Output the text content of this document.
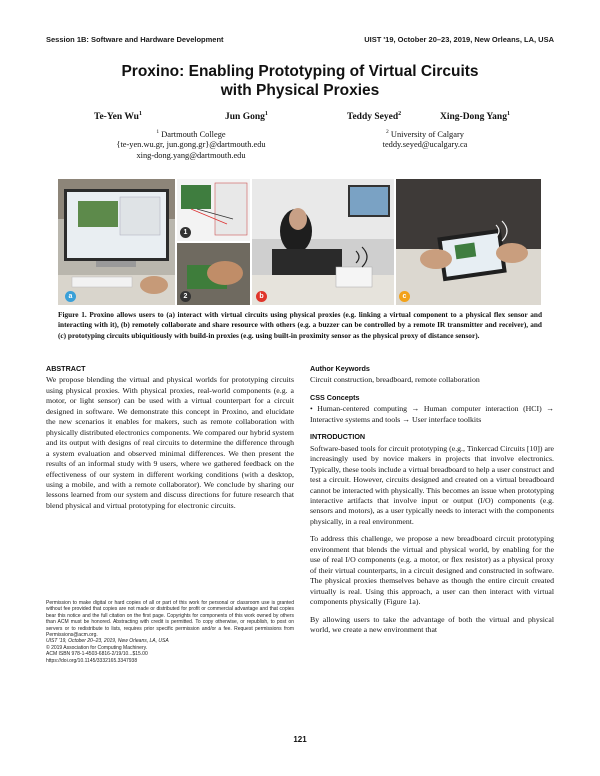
Session 1B: Software and Hardware Development	UIST '19, October 20–23, 2019, New Orleans, LA, USA
Proxino: Enabling Prototyping of Virtual Circuits
with Physical Proxies
Te-Yen Wu$^1$	Jun Gong$^1$	Teddy Seyed$^2$	Xing-Dong Yang$^1$
$^1$ Dartmouth College
{te-yen.wu.gr, jun.gong.gr}@dartmouth.edu
xing-dong.yang@dartmouth.edu
$^2$ University of Calgary
teddy.seyed@ucalgary.ca
a
1
2	b	c
Figure 1. Proxino allows users to (a) interact with virtual circuits using physical proxies (e.g. linking a virtual component to a physical flex sensor and interacting with it), (b) remotely collaborate and share resource with others (e.g. a buzzer can be controlled by a remote IR transmitter and receiver), and (c) prototyping circuits ubiquitiously with build-in proxies (e.g. using built-in proximity sensor as the physical proxy of distance sensor).
ABSTRACT

We propose blending the virtual and physical worlds for prototyping circuits using physical proxies. With physical proxies, real-world components (e.g. a motor, or light sensor) can be used with a virtual counterpart for a circuit designed in software. We demonstrate this concept in Proxino, and elucidate the new scenarios it enables for makers, such as remote collaboration with physically distributed electronics components. We compared our hybrid system and its output with designs of real circuits to determine the difference through a system evaluation and observed minimal differences. We then present the results of an informal study with 9 users, where we gathered feedback on the effectiveness of our system in different working conditions (with a desktop, using a mobile, and with a remote collaborator). We conclude by sharing our lessons learned from our system and discuss directions for future research that blend physical and virtual prototyping for electronic circuits.

Permission to make digital or hard copies of all or part of this work for personal or classroom use is granted without fee provided that copies are not made or distributed for profit or commercial advantage and that copies bear this notice and the full citation on the first page. Copyrights for components of this work owned by others than ACM must be honored. Abstracting with credit is permitted. To copy otherwise, or republish, to post on servers or to redistribute to lists, requires prior specific permission and/or a fee. Request permissions from Permissions@acm.org.
UIST '19, October 20–23, 2019, New Orleans, LA, USA
© 2019 Association for Computing Machinery.
ACM ISBN 978-1-4503-6816-2/19/10...$15.00
https://doi.org/10.1145/3332165.3347938
Author Keywords

Circuit construction, breadboard, remote collaboration

CSS Concepts

• Human-centered computing → Human computer interaction (HCI) → Interactive systems and tools → User interface toolkits

INTRODUCTION

Software-based tools for circuit prototyping (e.g., Tinkercad Circuits [10]) are increasingly used by novice makers in projects that involve electronics. Typically, these tools include a virtual breadboard to help a user construct and test a circuit. However, circuits designed and created on a virtual breadboard cannot be interacted with physically. This becomes an issue when prototyping interactive artifacts that involve input or output (I/O) components (e.g. sensors and motors), as a user typically needs to interact with the components physically, in a real environment.

To address this challenge, we propose a new breadboard circuit prototyping environment that blends the virtual and physical world, by enabling for the use of real I/O components (e.g. a motor, or flex resistor) as a physical proxy of their virtual counterparts, in a circuit designed and constructed in software. The physical proxies themselves behave as though the entire circuit created virtually is real. Using this approach, a user can then interact with virtual components physically (Figure 1a).

By allowing users to take the advantage of both the virtual and physical world, we create a new environment that

121
